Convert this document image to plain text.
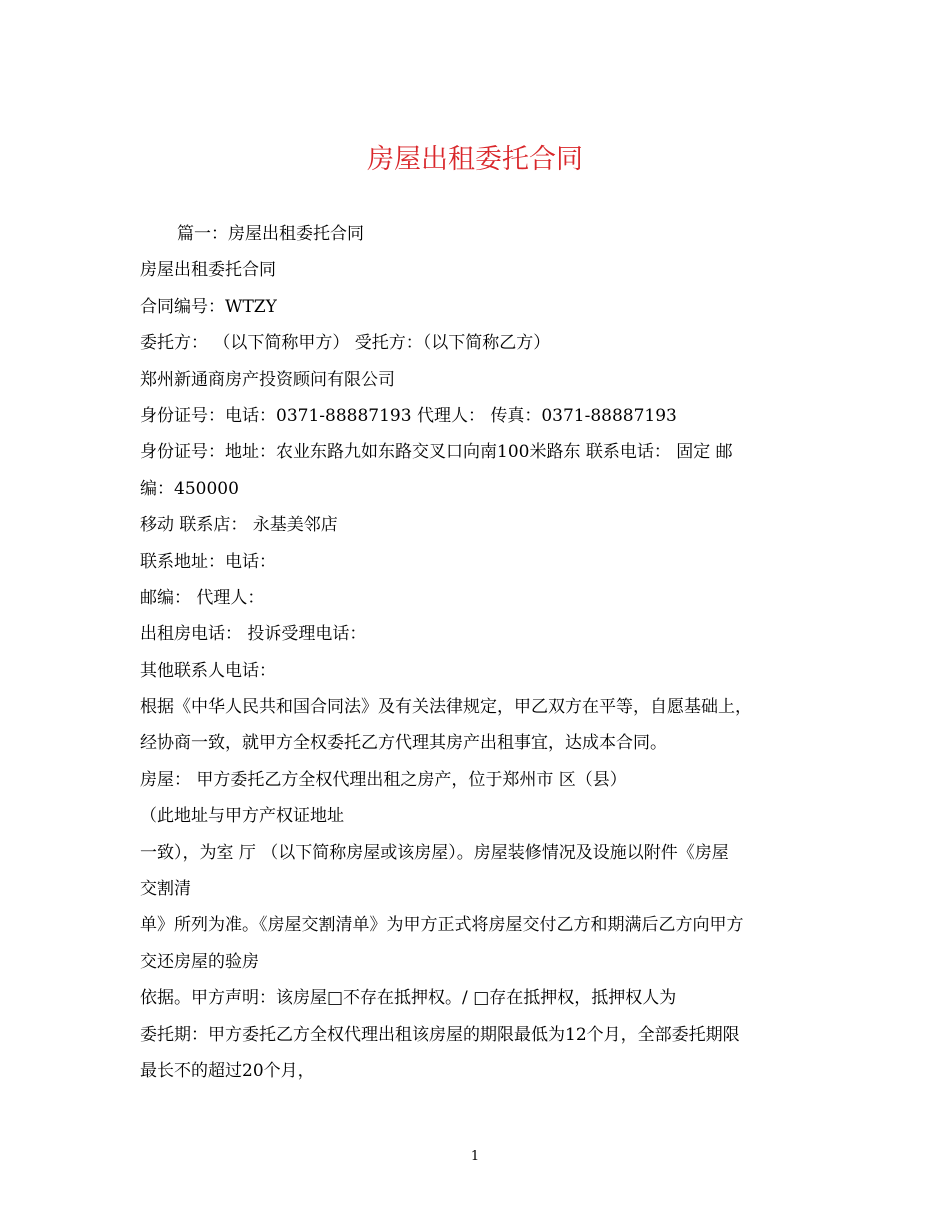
房屋出租委托合同
篇一：房屋出租委托合同
房屋出租委托合同
合同编号：WTZY
委托方： （以下简称甲方） 受托方：（以下简称乙方）
郑州新通商房产投资顾问有限公司
身份证号：电话：0371-88887193 代理人： 传真：0371-88887193
身份证号：地址：农业东路九如东路交叉口向南100米路东 联系电话： 固定 邮
编：450000
移动 联系店： 永基美邻店
联系地址：电话：
邮编： 代理人：
出租房电话： 投诉受理电话：
其他联系人电话：
根据《中华人民共和国合同法》及有关法律规定，甲乙双方在平等，自愿基础上，
经协商一致，就甲方全权委托乙方代理其房产出租事宜，达成本合同。
房屋： 甲方委托乙方全权代理出租之房产，位于郑州市 区（县）
（此地址与甲方产权证地址
一致），为室 厅 （以下简称房屋或该房屋）。房屋装修情况及设施以附件《房屋
交割清
单》所列为准。《房屋交割清单》为甲方正式将房屋交付乙方和期满后乙方向甲方
交还房屋的验房
依据。甲方声明：该房屋□不存在抵押权。/ □存在抵押权，抵押权人为
委托期：甲方委托乙方全权代理出租该房屋的期限最低为12个月，全部委托期限
最长不的超过20个月，
1
